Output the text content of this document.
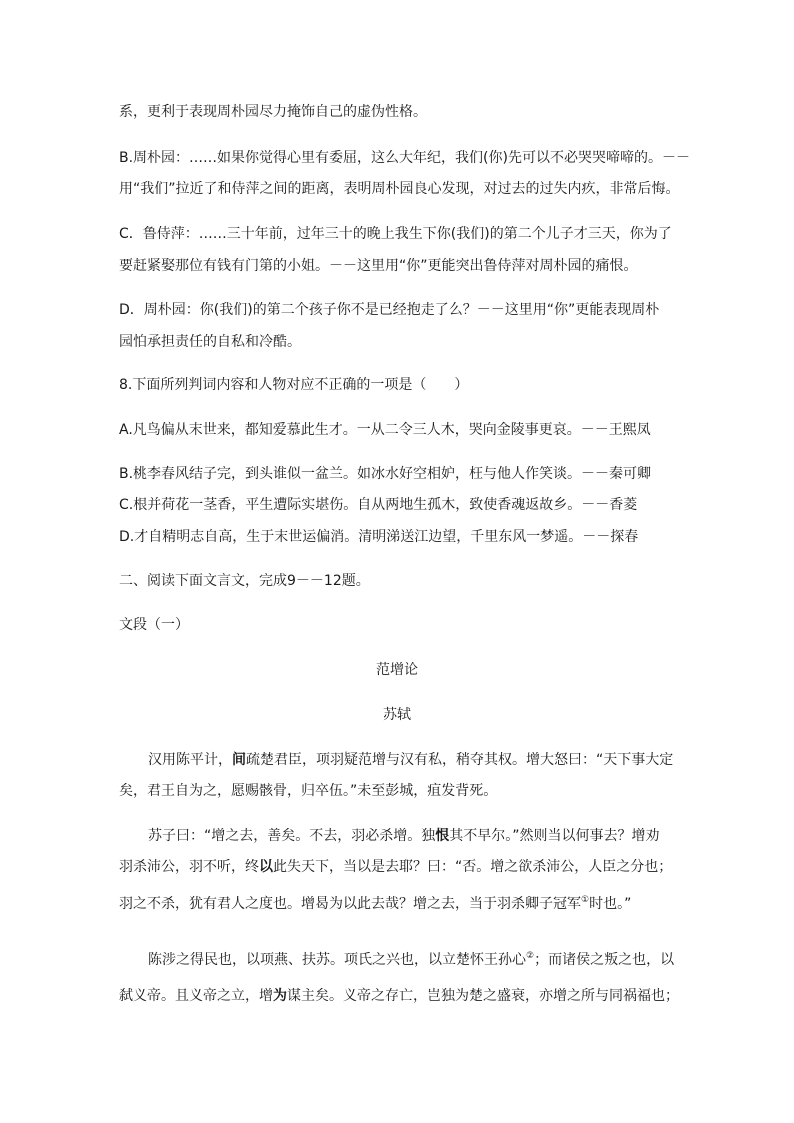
系，更利于表现周朴园尽力掩饰自己的虚伪性格。
B.周朴园：……如果你觉得心里有委屈，这么大年纪，我们(你)先可以不必哭哭啼啼的。－－
用“我们”拉近了和侍萍之间的距离，表明周朴园良心发现，对过去的过失内疚，非常后悔。
C．鲁侍萍：……三十年前，过年三十的晚上我生下你(我们)的第二个儿子才三天，你为了
要赶紧娶那位有钱有门第的小姐。－－这里用“你”更能突出鲁侍萍对周朴园的痛恨。
D．周朴园：你(我们)的第二个孩子你不是已经抱走了么？－－这里用“你”更能表现周朴
园怕承担责任的自私和冷酷。
8.下面所列判词内容和人物对应不正确的一项是（　　）
A.凡鸟偏从末世来，都知爱慕此生才。一从二令三人木，哭向金陵事更哀。－－王熙凤
B.桃李春风结子完，到头谁似一盆兰。如冰水好空相妒，枉与他人作笑谈。－－秦可卿
C.根并荷花一茎香，平生遭际实堪伤。自从两地生孤木，致使香魂返故乡。－－香菱
D.才自精明志自高，生于末世运偏消。清明涕送江边望，千里东风一梦遥。－－探春
二、阅读下面文言文，完成9－－12题。
文段（一）
范增论
苏轼
汉用陈平计，间疏楚君臣，项羽疑范增与汉有私，稍夺其权。增大怒曰：“天下事大定
矣，君王自为之，愿赐骸骨，归卒伍。”未至彭城，疽发背死。
苏子曰：“增之去，善矣。不去，羽必杀增。独恨其不早尔。”然则当以何事去？增劝
羽杀沛公，羽不听，终以此失天下，当以是去耶？曰：“否。增之欲杀沛公，人臣之分也；
羽之不杀，犹有君人之度也。增曷为以此去哉？增之去，当于羽杀卿子冠军①时也。”
陈涉之得民也，以项燕、扶苏。项氏之兴也，以立楚怀王孙心②；而诸侯之叛之也，以
弑义帝。且义帝之立，增为谋主矣。义帝之存亡，岂独为楚之盛衰，亦增之所与同祸福也；
